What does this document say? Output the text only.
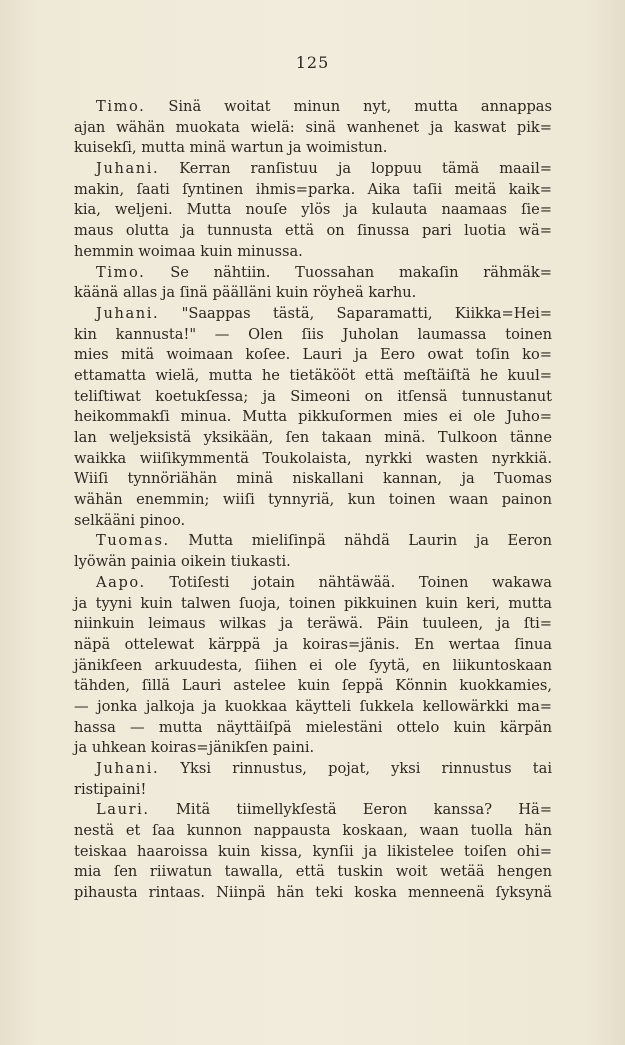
125
Timo. Sinä woitat minun nyt, mutta annappas
ajan wähän muokata wielä: sinä wanhenet ja kaswat pik=
kuisekſi, mutta minä wartun ja woimistun.
Juhani. Kerran ranſistuu ja loppuu tämä maail=
makin, ſaati ſyntinen ihmis=parka. Aika taſii meitä kaik=
kia, weljeni. Mutta nouſe ylös ja kulauta naamaas ſie=
maus olutta ja tunnusta että on ſinussa pari luotia wä=
hemmin woimaa kuin minussa.
Timo. Se nähtiin. Tuossahan makaſin rähmäk=
käänä allas ja ſinä päälläni kuin röyheä karhu.
Juhani. "Saappas tästä, Saparamatti, Kiikka=Hei=
kin kannusta!" — Olen ſiis Juholan laumassa toinen
mies mitä woimaan koſee. Lauri ja Eero owat toſin ko=
ettamatta wielä, mutta he tietäkööt että meſtäiſtä he kuul=
teliſtiwat koetukſessa; ja Simeoni on itſensä tunnustanut
heikommakſi minua. Mutta pikkuſormen mies ei ole Juho=
lan weljeksistä yksikään, ſen takaan minä. Tulkoon tänne
waikka wiiſikymmentä Toukolaista, nyrkki wasten nyrkkiä.
Wiiſi tynnöriähän minä niskallani kannan, ja Tuomas
wähän enemmin; wiiſi tynnyriä, kun toinen waan painon
selkääni pinoo.
Tuomas. Mutta mieliſinpä nähdä Laurin ja Eeron
lyöwän painia oikein tiukasti.
Aapo. Totiſesti jotain nähtäwää. Toinen wakawa
ja tyyni kuin talwen ſuoja, toinen pikkuinen kuin keri, mutta
niinkuin leimaus wilkas ja teräwä. Päin tuuleen, ja ſti=
näpä ottelewat kärppä ja koiras=jänis. En wertaa ſinua
jänikſeen arkuudesta, ſiihen ei ole ſyytä, en liikuntoskaan
tähden, ſillä Lauri astelee kuin ſeppä Könnin kuokkamies,
— jonka jalkoja ja kuokkaa käytteli ſukkela kellowärkki ma=
hassa — mutta näyttäiſpä mielestäni ottelo kuin kärpän
ja uhkean koiras=jänikſen paini.
Juhani. Yksi rinnustus, pojat, yksi rinnustus tai
ristipaini!
Lauri. Mitä tiimellykſestä Eeron kanssa? Hä=
nestä et ſaa kunnon nappausta koskaan, waan tuolla hän
teiskaa haaroissa kuin kissa, kynſii ja likistelee toiſen ohi=
mia ſen riiwatun tawalla, että tuskin woit wetää hengen
pihausta rintaas. Niinpä hän teki koska menneenä ſyksynä
